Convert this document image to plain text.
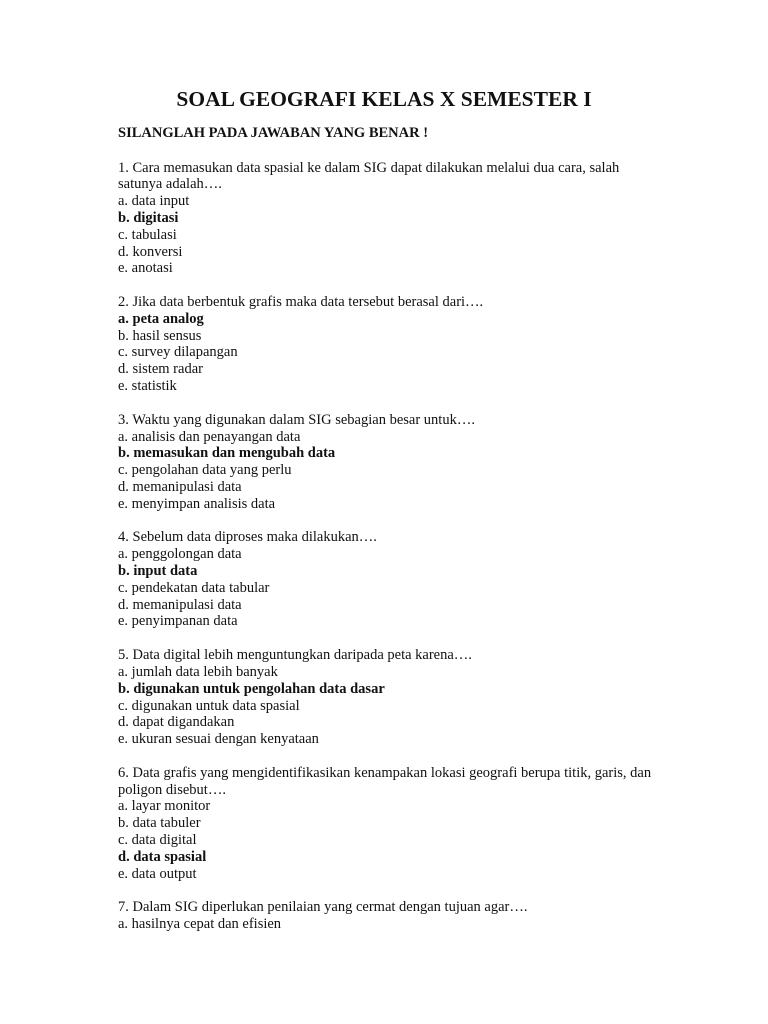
SOAL GEOGRAFI KELAS X SEMESTER I
SILANGLAH PADA JAWABAN YANG BENAR !
1. Cara memasukan data spasial ke dalam SIG dapat dilakukan melalui dua cara, salah
satunya adalah….
a. data input
b. digitasi
c. tabulasi
d. konversi
e. anotasi
2. Jika data berbentuk grafis maka data tersebut berasal dari….
a. peta analog
b. hasil sensus
c. survey dilapangan
d. sistem radar
e. statistik
3. Waktu yang digunakan dalam SIG sebagian besar untuk….
a. analisis dan penayangan data
b. memasukan dan mengubah data
c. pengolahan data yang perlu
d. memanipulasi data
e. menyimpan analisis data
4. Sebelum data diproses maka dilakukan….
a. penggolongan data
b. input data
c. pendekatan data tabular
d. memanipulasi data
e. penyimpanan data
5. Data digital lebih menguntungkan daripada peta karena….
a. jumlah data lebih banyak
b. digunakan untuk pengolahan data dasar
c. digunakan untuk data spasial
d. dapat digandakan
e. ukuran sesuai dengan kenyataan
6. Data grafis yang mengidentifikasikan kenampakan lokasi geografi berupa titik, garis, dan
poligon disebut….
a. layar monitor
b. data tabuler
c. data digital
d. data spasial
e. data output
7. Dalam SIG diperlukan penilaian yang cermat dengan tujuan agar….
a. hasilnya cepat dan efisien
